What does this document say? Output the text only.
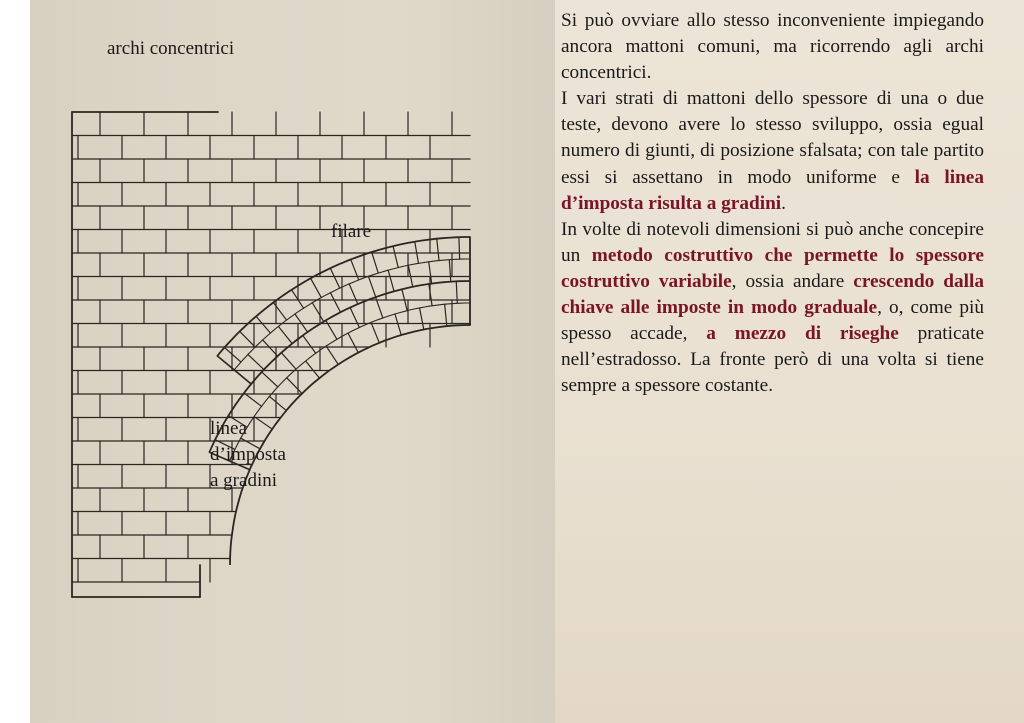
archi concentrici
filare
linea
d’imposta
a gradini

Si può ovviare allo stesso inconveniente impiegando ancora mattoni comuni, ma ricorrendo agli archi concentrici.

I vari strati di mattoni dello spessore di una o due teste, devono avere lo stesso sviluppo, ossia egual numero di giunti, di posizione sfalsata; con tale partito essi si assettano in modo uniforme e la linea d’imposta risulta a gradini.

In volte di notevoli dimensioni si può anche concepire un metodo costruttivo che permette lo spessore costruttivo variabile, ossia andare crescendo dalla chiave alle imposte in modo graduale, o, come più spesso accade, a mezzo di riseghe praticate nell’estradosso. La fronte però di una volta si tiene sempre a spessore costante.
